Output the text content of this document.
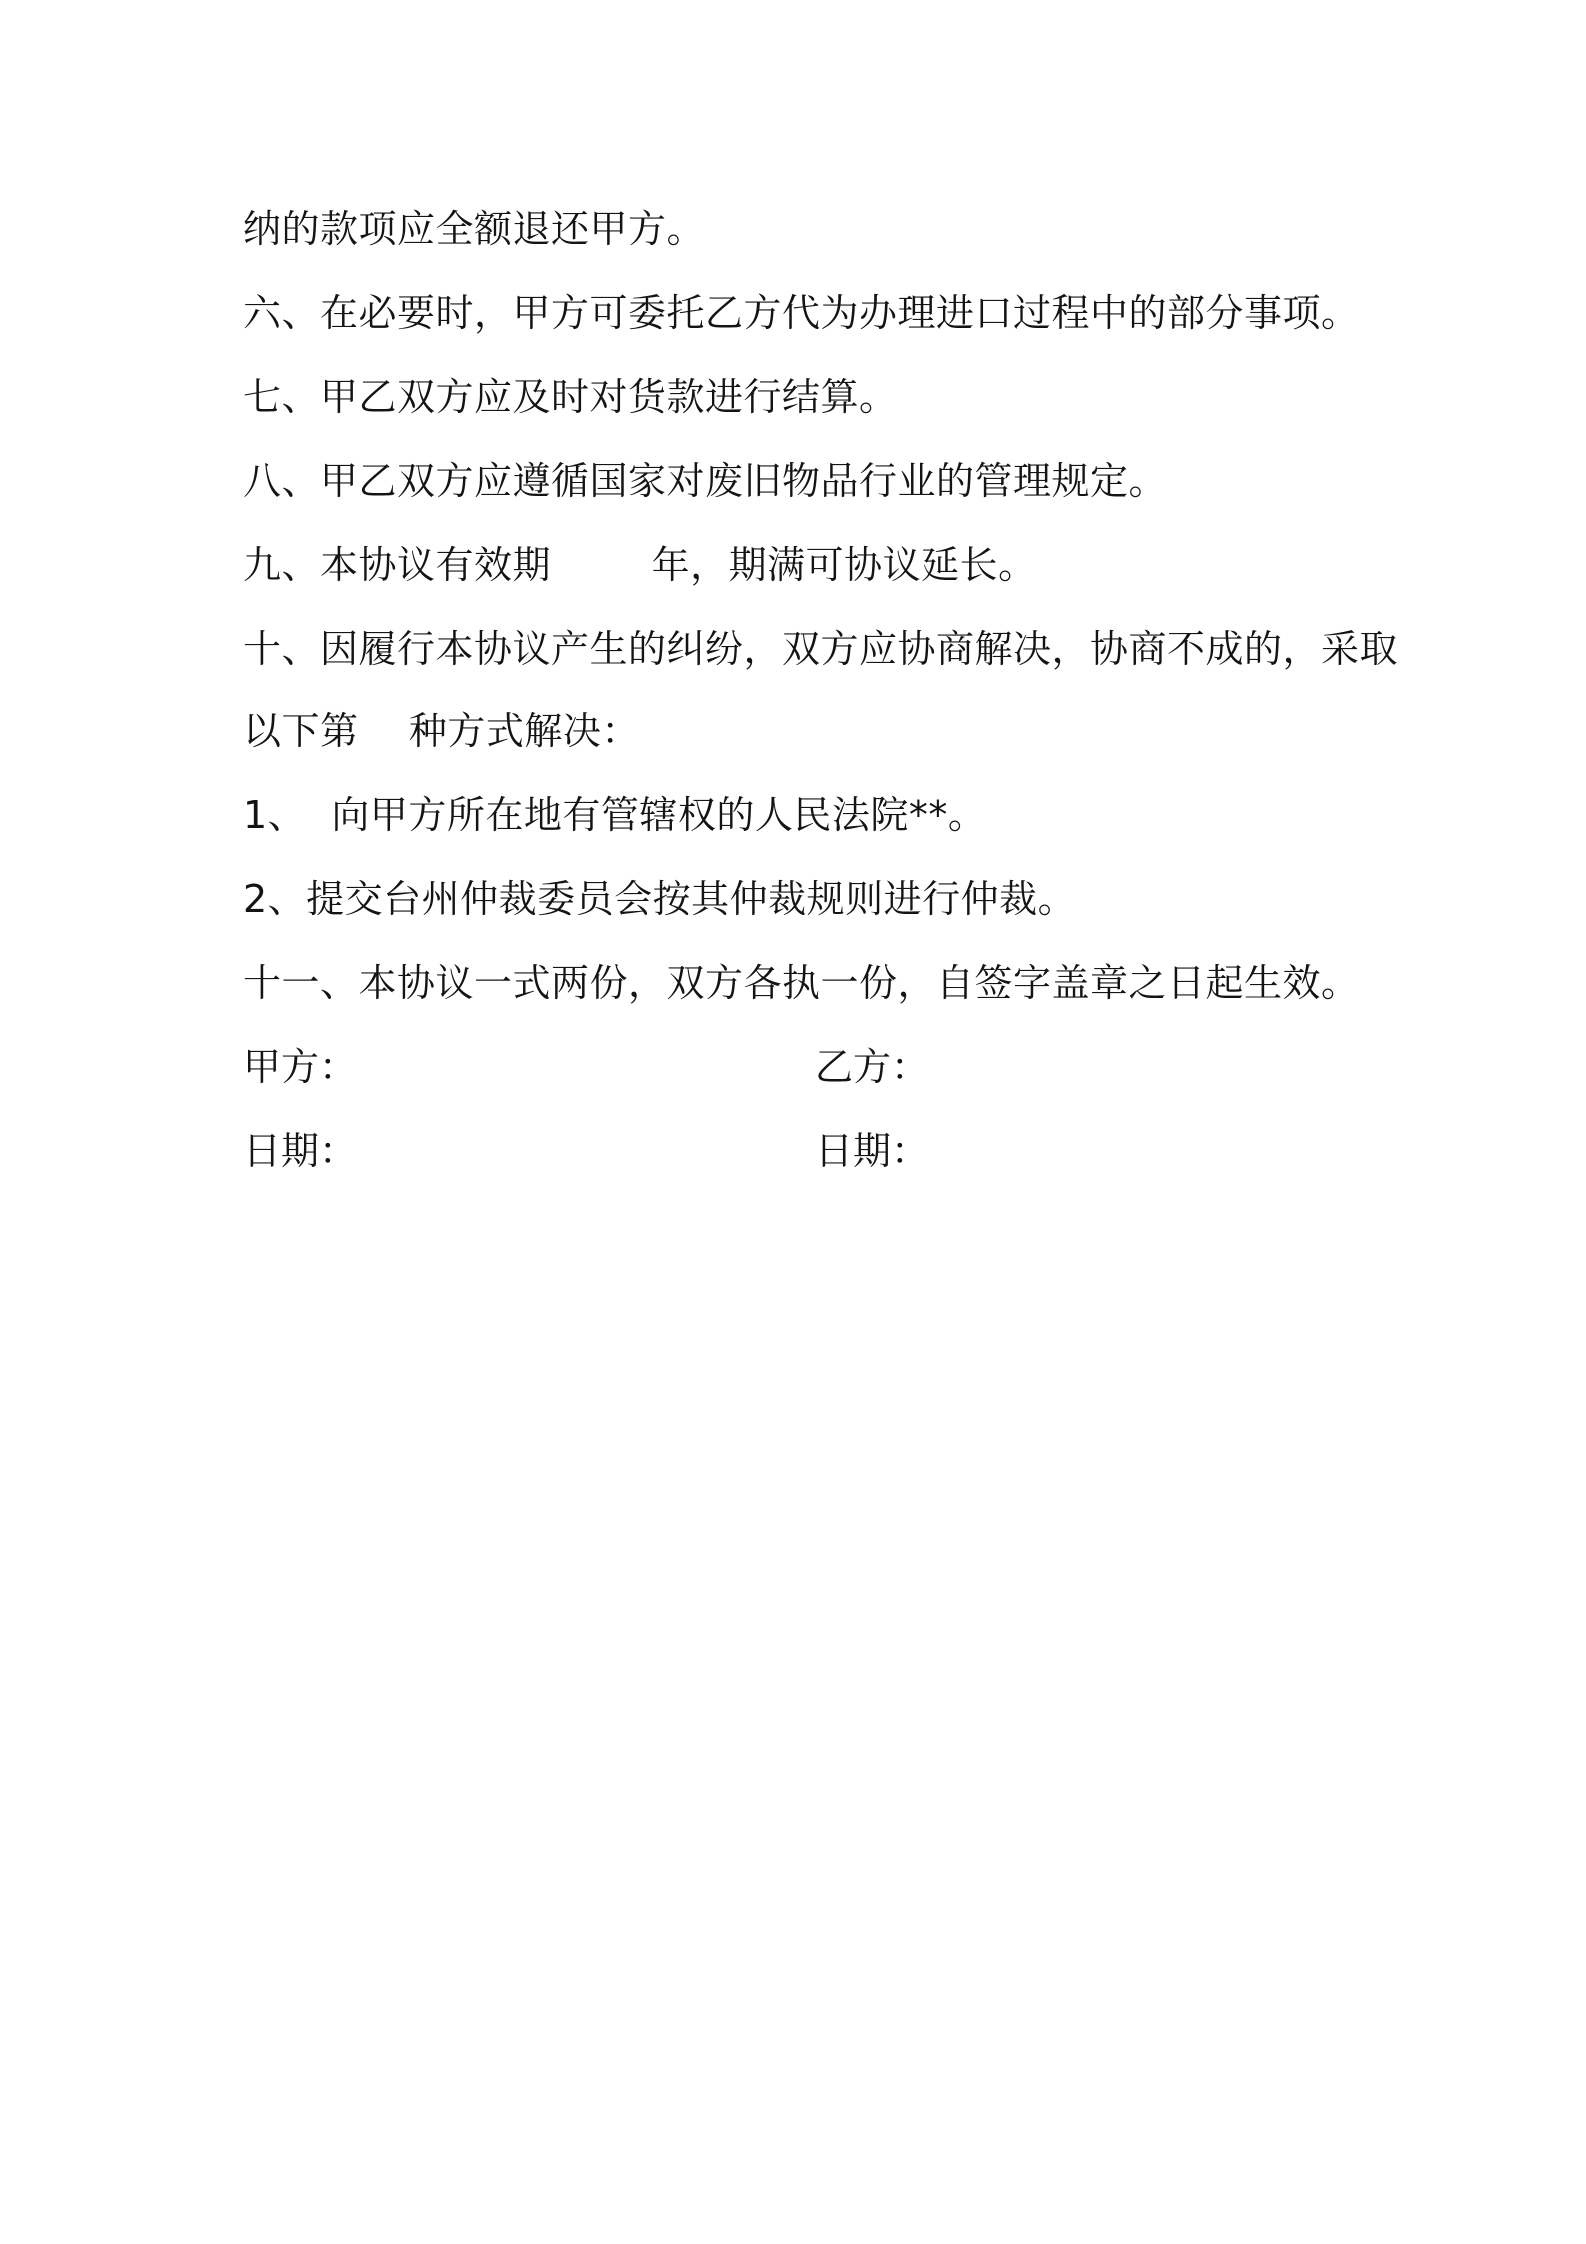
纳的款项应全额退还甲方。
六、在必要时，甲方可委托乙方代为办理进口过程中的部分事项。
七、甲乙双方应及时对货款进行结算。
八、甲乙双方应遵循国家对废旧物品行业的管理规定。
九、本协议有效期        年，期满可协议延长。
十、因履行本协议产生的纠纷，双方应协商解决，协商不成的，采取
以下第    种方式解决：
1、  向甲方所在地有管辖权的人民法院**。
2、提交台州仲裁委员会按其仲裁规则进行仲裁。
十一、本协议一式两份，双方各执一份，自签字盖章之日起生效。
甲方：	乙方：
日期：	日期：
